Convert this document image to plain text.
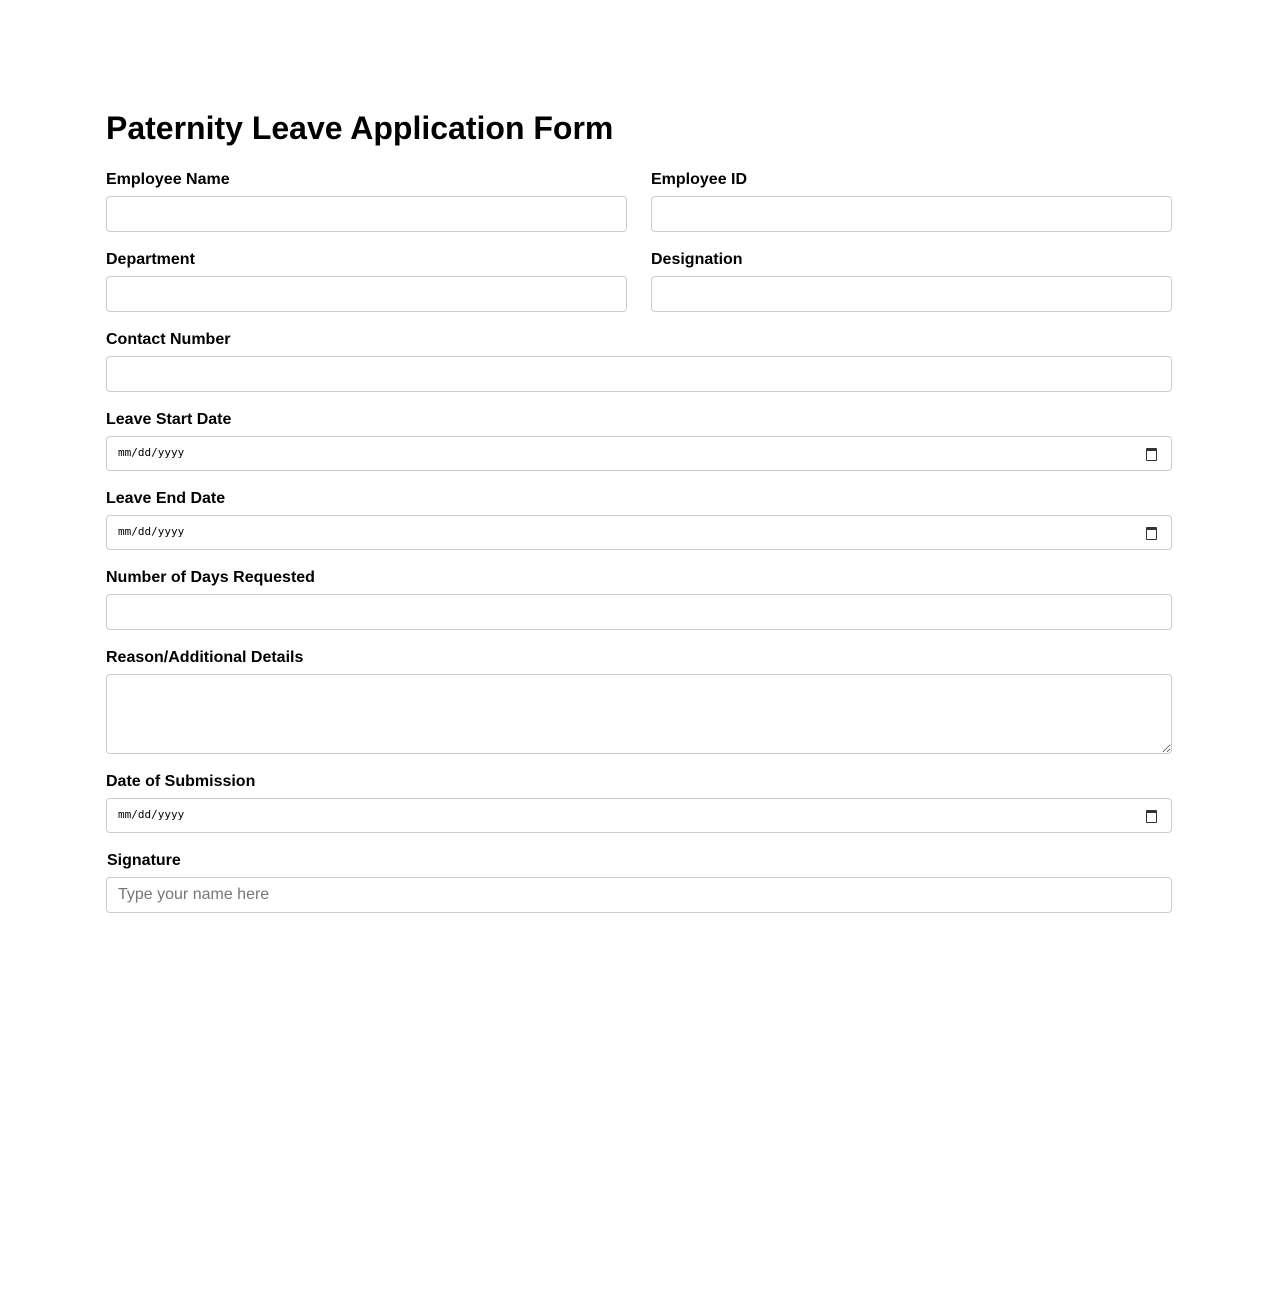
Paternity Leave Application Form
Employee Name	Employee ID
Department	Designation
Contact Number
Leave Start Date
mm/dd/yyyy
Leave End Date
mm/dd/yyyy
Number of Days Requested
Reason/Additional Details
Date of Submission
mm/dd/yyyy
Signature
Type your name here
